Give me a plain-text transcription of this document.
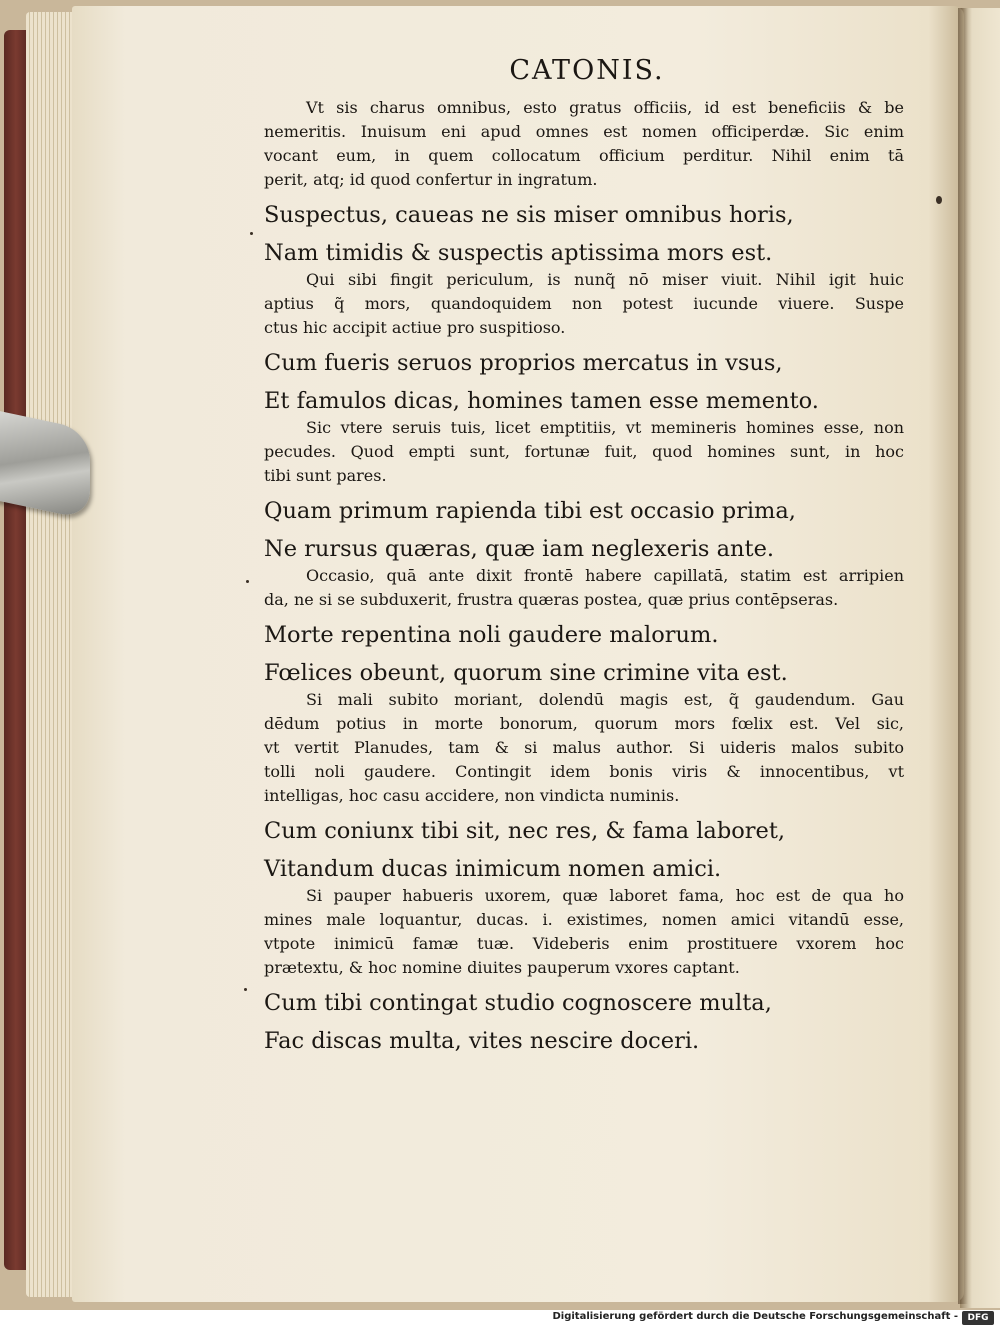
CATONIS.
Vt sis charus omnibus, esto gratus officiis, id est beneficiis & be
nemeritis. Inuisum eni apud omnes est nomen officiperdæ. Sic enim
vocant eum, in quem collocatum officium perditur. Nihil enim tā
perit, atq; id quod confertur in ingratum.
Suspectus, caueas ne sis miser omnibus horis,
Nam timidis & suspectis aptissima mors est.
Qui sibi fingit periculum, is nunq̃ nō miser viuit. Nihil igit huic
aptius q̃ mors, quandoquidem non potest iucunde viuere. Suspe
ctus hic accipit actiue pro suspitioso.
Cum fueris seruos proprios mercatus in vsus,
Et famulos dicas, homines tamen esse memento.
Sic vtere seruis tuis, licet emptitiis, vt memineris homines esse, non
pecudes. Quod empti sunt, fortunæ fuit, quod homines sunt, in hoc
tibi sunt pares.
Quam primum rapienda tibi est occasio prima,
Ne rursus quæras, quæ iam neglexeris ante.
Occasio, quā ante dixit frontē habere capillatā, statim est arripien
da, ne si se subduxerit, frustra quæras postea, quæ prius contēpseras.
Morte repentina noli gaudere malorum.
Fœlices obeunt, quorum sine crimine vita est.
Si mali subito moriant, dolendū magis est, q̃ gaudendum. Gau
dēdum potius in morte bonorum, quorum mors fœlix est. Vel sic,
vt vertit Planudes, tam & si malus author. Si uideris malos subito
tolli noli gaudere. Contingit idem bonis viris & innocentibus, vt
intelligas, hoc casu accidere, non vindicta numinis.
Cum coniunx tibi sit, nec res, & fama laboret,
Vitandum ducas inimicum nomen amici.
Si pauper habueris uxorem, quæ laboret fama, hoc est de qua ho
mines male loquantur, ducas. i. existimes, nomen amici vitandū esse,
vtpote inimicū famæ tuæ. Videberis enim prostituere vxorem hoc
prætextu, & hoc nomine diuites pauperum vxores captant.
Cum tibi contingat studio cognoscere multa,
Fac discas multa, vites nescire doceri.
Digitalisierung gefördert durch die Deutsche Forschungsgemeinschaft -	DFG
